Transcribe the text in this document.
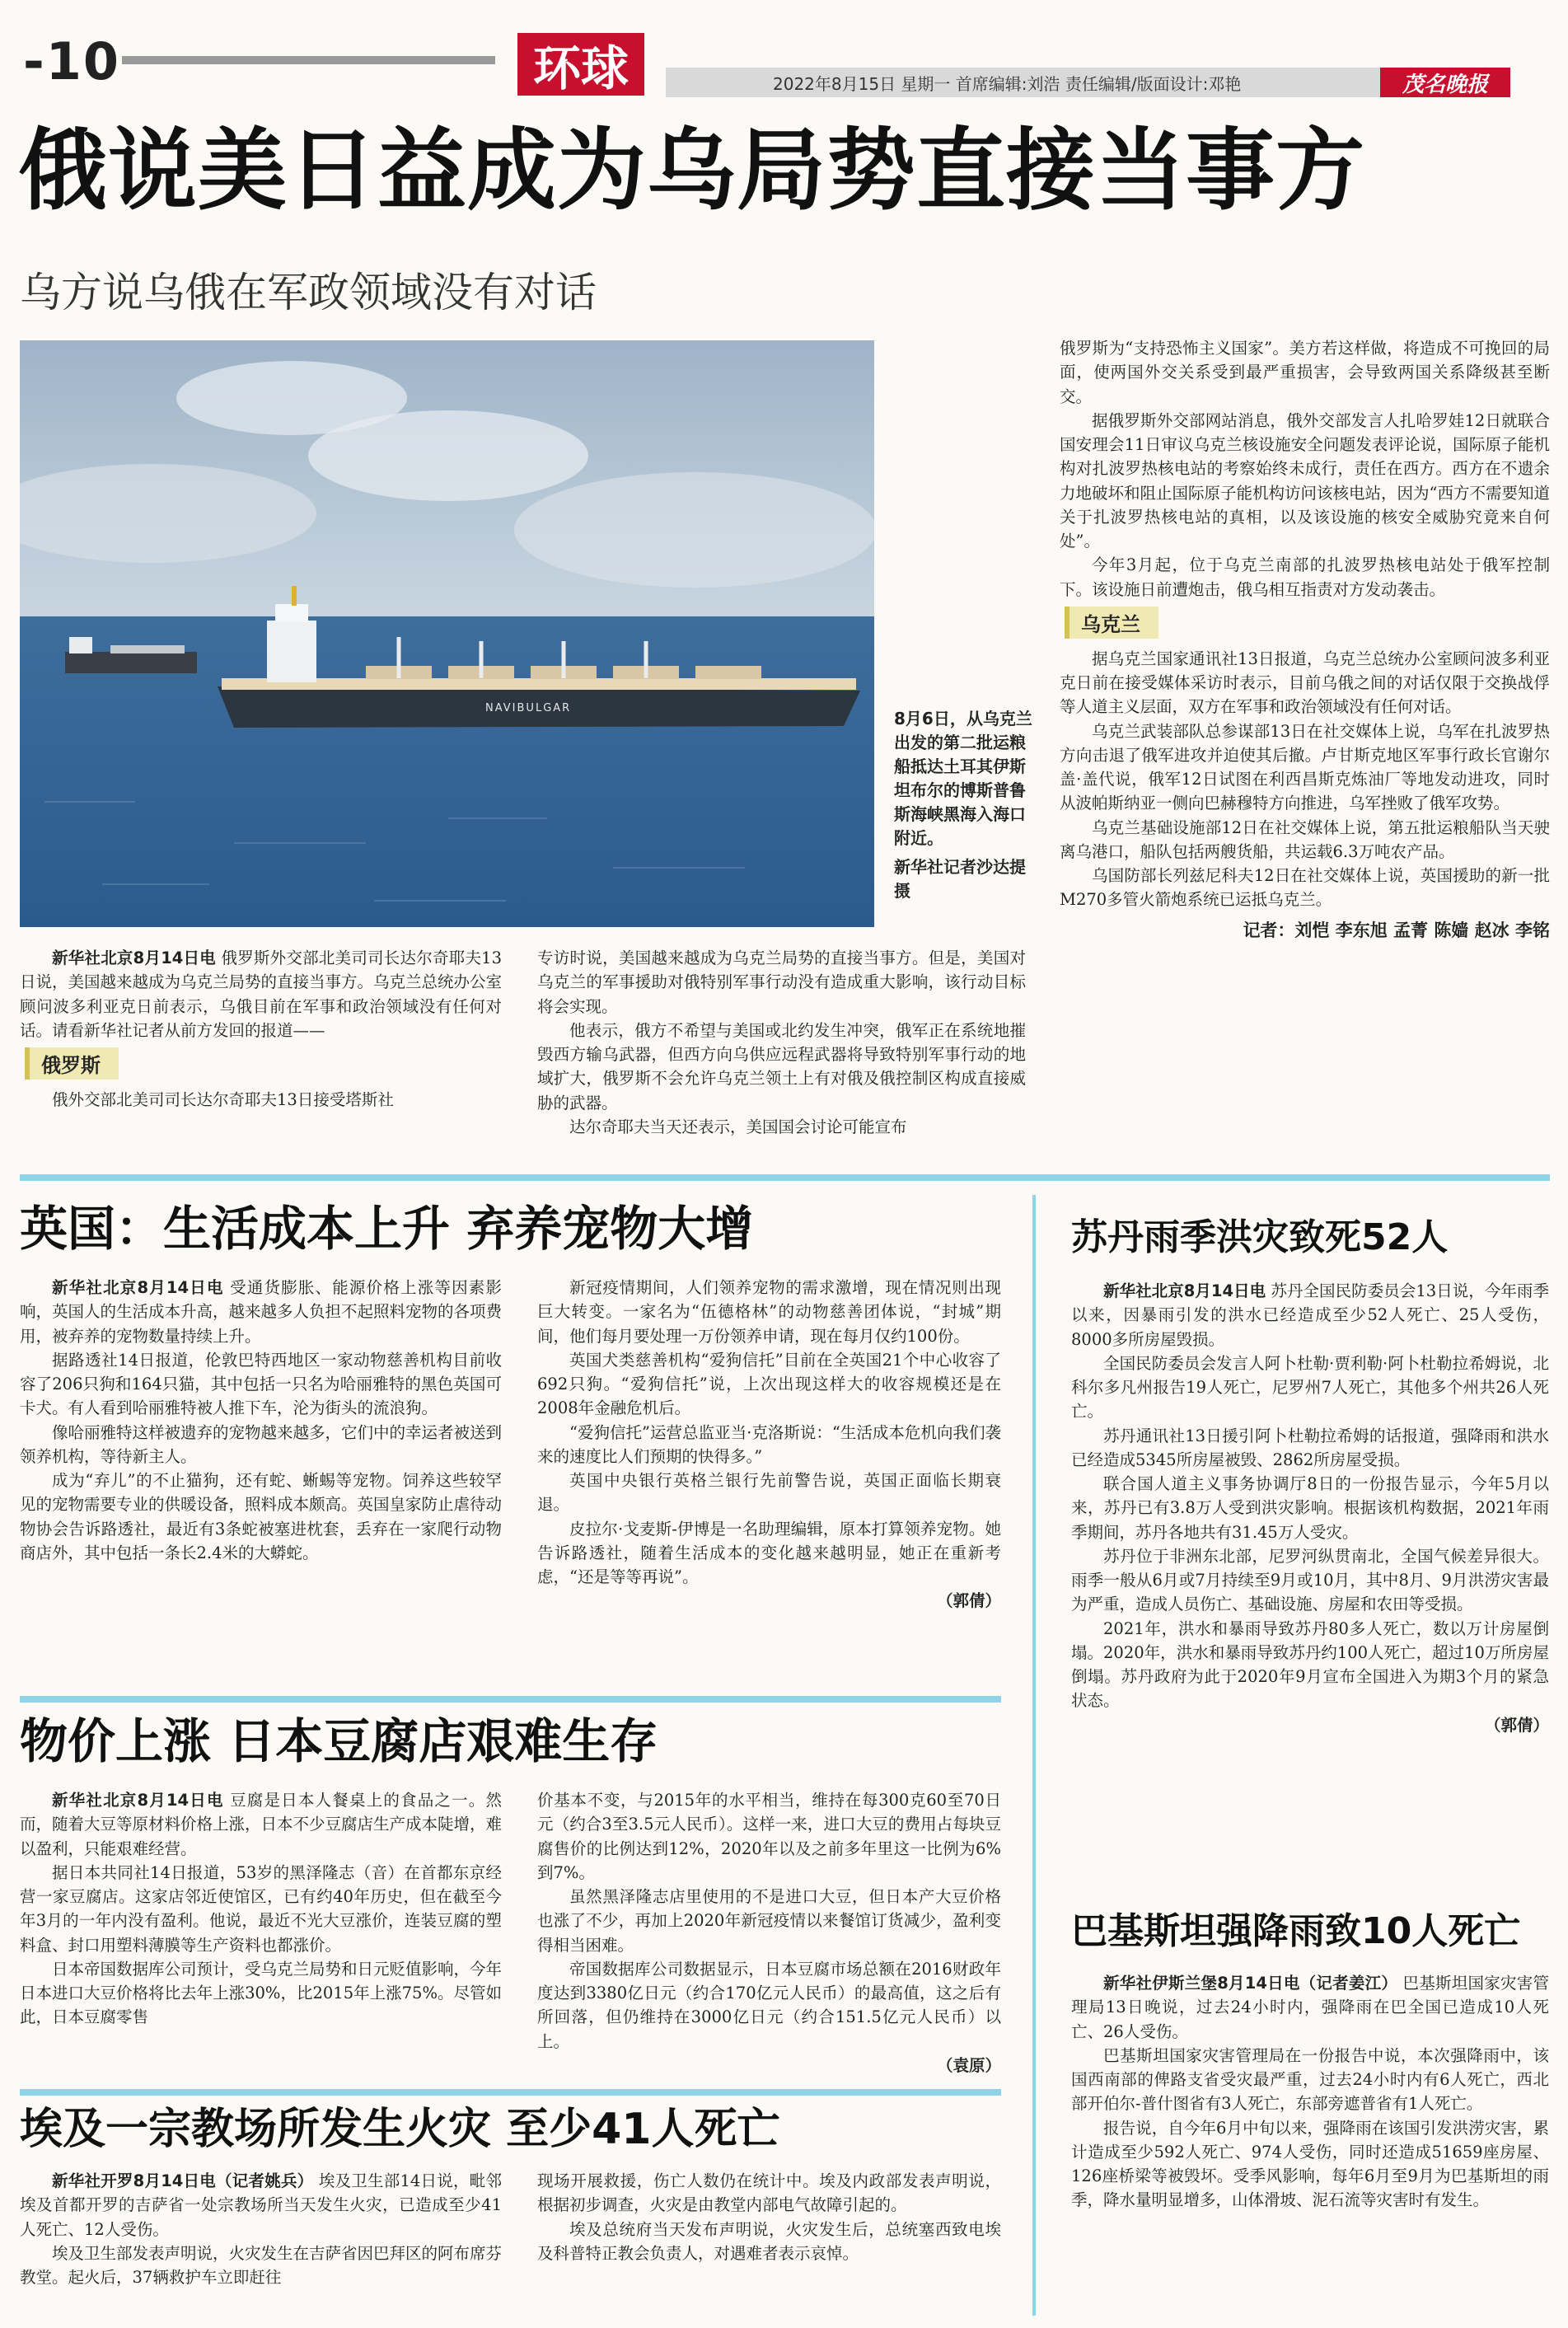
-10	环球	2022年8月15日 星期一 首席编辑:刘浩 责任编辑/版面设计:邓艳	茂名晚报
俄说美日益成为乌局势直接当事方
乌方说乌俄在军政领域没有对话
NAVIBULGAR
8月6日，从乌克兰出发的第二批运粮船抵达土耳其伊斯坦布尔的博斯普鲁斯海峡黑海入海口附近。
新华社记者沙达提摄

新华社北京8月14日电 俄罗斯外交部北美司司长达尔奇耶夫13日说，美国越来越成为乌克兰局势的直接当事方。乌克兰总统办公室顾问波多利亚克日前表示，乌俄目前在军事和政治领域没有任何对话。请看新华社记者从前方发回的报道——

俄罗斯

俄外交部北美司司长达尔奇耶夫13日接受塔斯社

专访时说，美国越来越成为乌克兰局势的直接当事方。但是，美国对乌克兰的军事援助对俄特别军事行动没有造成重大影响，该行动目标将会实现。

他表示，俄方不希望与美国或北约发生冲突，俄军正在系统地摧毁西方输乌武器，但西方向乌供应远程武器将导致特别军事行动的地域扩大，俄罗斯不会允许乌克兰领土上有对俄及俄控制区构成直接威胁的武器。

达尔奇耶夫当天还表示，美国国会讨论可能宣布

俄罗斯为“支持恐怖主义国家”。美方若这样做，将造成不可挽回的局面，使两国外交关系受到最严重损害，会导致两国关系降级甚至断交。

据俄罗斯外交部网站消息，俄外交部发言人扎哈罗娃12日就联合国安理会11日审议乌克兰核设施安全问题发表评论说，国际原子能机构对扎波罗热核电站的考察始终未成行，责任在西方。西方在不遗余力地破坏和阻止国际原子能机构访问该核电站，因为“西方不需要知道关于扎波罗热核电站的真相，以及该设施的核安全威胁究竟来自何处”。

今年3月起，位于乌克兰南部的扎波罗热核电站处于俄军控制下。该设施日前遭炮击，俄乌相互指责对方发动袭击。

乌克兰

据乌克兰国家通讯社13日报道，乌克兰总统办公室顾问波多利亚克日前在接受媒体采访时表示，目前乌俄之间的对话仅限于交换战俘等人道主义层面，双方在军事和政治领域没有任何对话。

乌克兰武装部队总参谋部13日在社交媒体上说，乌军在扎波罗热方向击退了俄军进攻并迫使其后撤。卢甘斯克地区军事行政长官谢尔盖·盖代说，俄军12日试图在利西昌斯克炼油厂等地发动进攻，同时从波帕斯纳亚一侧向巴赫穆特方向推进，乌军挫败了俄军攻势。

乌克兰基础设施部12日在社交媒体上说，第五批运粮船队当天驶离乌港口，船队包括两艘货船，共运载6.3万吨农产品。

乌国防部长列兹尼科夫12日在社交媒体上说，英国援助的新一批M270多管火箭炮系统已运抵乌克兰。

记者：刘恺 李东旭 孟菁 陈嫱 赵冰 李铭
英国：生活成本上升 弃养宠物大增

新华社北京8月14日电 受通货膨胀、能源价格上涨等因素影响，英国人的生活成本升高，越来越多人负担不起照料宠物的各项费用，被弃养的宠物数量持续上升。

据路透社14日报道，伦敦巴特西地区一家动物慈善机构目前收容了206只狗和164只猫，其中包括一只名为哈丽雅特的黑色英国可卡犬。有人看到哈丽雅特被人推下车，沦为街头的流浪狗。

像哈丽雅特这样被遗弃的宠物越来越多，它们中的幸运者被送到领养机构，等待新主人。

成为“弃儿”的不止猫狗，还有蛇、蜥蜴等宠物。饲养这些较罕见的宠物需要专业的供暖设备，照料成本颇高。英国皇家防止虐待动物协会告诉路透社，最近有3条蛇被塞进枕套，丢弃在一家爬行动物商店外，其中包括一条长2.4米的大蟒蛇。

新冠疫情期间，人们领养宠物的需求激增，现在情况则出现巨大转变。一家名为“伍德格林”的动物慈善团体说，“封城”期间，他们每月要处理一万份领养申请，现在每月仅约100份。

英国犬类慈善机构“爱狗信托”目前在全英国21个中心收容了692只狗。“爱狗信托”说，上次出现这样大的收容规模还是在2008年金融危机后。

“爱狗信托”运营总监亚当·克洛斯说：“生活成本危机向我们袭来的速度比人们预期的快得多。”

英国中央银行英格兰银行先前警告说，英国正面临长期衰退。

皮拉尔·戈麦斯-伊博是一名助理编辑，原本打算领养宠物。她告诉路透社，随着生活成本的变化越来越明显，她正在重新考虑，“还是等等再说”。

（郭倩）
物价上涨 日本豆腐店艰难生存

新华社北京8月14日电 豆腐是日本人餐桌上的食品之一。然而，随着大豆等原材料价格上涨，日本不少豆腐店生产成本陡增，难以盈利，只能艰难经营。

据日本共同社14日报道，53岁的黑泽隆志（音）在首都东京经营一家豆腐店。这家店邻近使馆区，已有约40年历史，但在截至今年3月的一年内没有盈利。他说，最近不光大豆涨价，连装豆腐的塑料盒、封口用塑料薄膜等生产资料也都涨价。

日本帝国数据库公司预计，受乌克兰局势和日元贬值影响，今年日本进口大豆价格将比去年上涨30%，比2015年上涨75%。尽管如此，日本豆腐零售

价基本不变，与2015年的水平相当，维持在每300克60至70日元（约合3至3.5元人民币）。这样一来，进口大豆的费用占每块豆腐售价的比例达到12%，2020年以及之前多年里这一比例为6%到7%。

虽然黑泽隆志店里使用的不是进口大豆，但日本产大豆价格也涨了不少，再加上2020年新冠疫情以来餐馆订货减少，盈利变得相当困难。

帝国数据库公司数据显示，日本豆腐市场总额在2016财政年度达到3380亿日元（约合170亿元人民币）的最高值，这之后有所回落，但仍维持在3000亿日元（约合151.5亿元人民币）以上。

（袁原）
埃及一宗教场所发生火灾 至少41人死亡

新华社开罗8月14日电（记者姚兵） 埃及卫生部14日说，毗邻埃及首都开罗的吉萨省一处宗教场所当天发生火灾，已造成至少41人死亡、12人受伤。

埃及卫生部发表声明说，火灾发生在吉萨省因巴拜区的阿布席芬教堂。起火后，37辆救护车立即赶往

现场开展救援，伤亡人数仍在统计中。埃及内政部发表声明说，根据初步调查，火灾是由教堂内部电气故障引起的。

埃及总统府当天发布声明说，火灾发生后，总统塞西致电埃及科普特正教会负责人，对遇难者表示哀悼。

苏丹雨季洪灾致死52人

新华社北京8月14日电 苏丹全国民防委员会13日说，今年雨季以来，因暴雨引发的洪水已经造成至少52人死亡、25人受伤，8000多所房屋毁损。

全国民防委员会发言人阿卜杜勒·贾利勒·阿卜杜勒拉希姆说，北科尔多凡州报告19人死亡，尼罗州7人死亡，其他多个州共26人死亡。

苏丹通讯社13日援引阿卜杜勒拉希姆的话报道，强降雨和洪水已经造成5345所房屋被毁、2862所房屋受损。

联合国人道主义事务协调厅8日的一份报告显示，今年5月以来，苏丹已有3.8万人受到洪灾影响。根据该机构数据，2021年雨季期间，苏丹各地共有31.45万人受灾。

苏丹位于非洲东北部，尼罗河纵贯南北，全国气候差异很大。雨季一般从6月或7月持续至9月或10月，其中8月、9月洪涝灾害最为严重，造成人员伤亡、基础设施、房屋和农田等受损。

2021年，洪水和暴雨导致苏丹80多人死亡，数以万计房屋倒塌。2020年，洪水和暴雨导致苏丹约100人死亡，超过10万所房屋倒塌。苏丹政府为此于2020年9月宣布全国进入为期3个月的紧急状态。

（郭倩）
巴基斯坦强降雨致10人死亡

新华社伊斯兰堡8月14日电（记者姜江） 巴基斯坦国家灾害管理局13日晚说，过去24小时内，强降雨在巴全国已造成10人死亡、26人受伤。

巴基斯坦国家灾害管理局在一份报告中说，本次强降雨中，该国西南部的俾路支省受灾最严重，过去24小时内有6人死亡，西北部开伯尔-普什图省有3人死亡，东部旁遮普省有1人死亡。

报告说，自今年6月中旬以来，强降雨在该国引发洪涝灾害，累计造成至少592人死亡、974人受伤，同时还造成51659座房屋、126座桥梁等被毁坏。受季风影响，每年6月至9月为巴基斯坦的雨季，降水量明显增多，山体滑坡、泥石流等灾害时有发生。
